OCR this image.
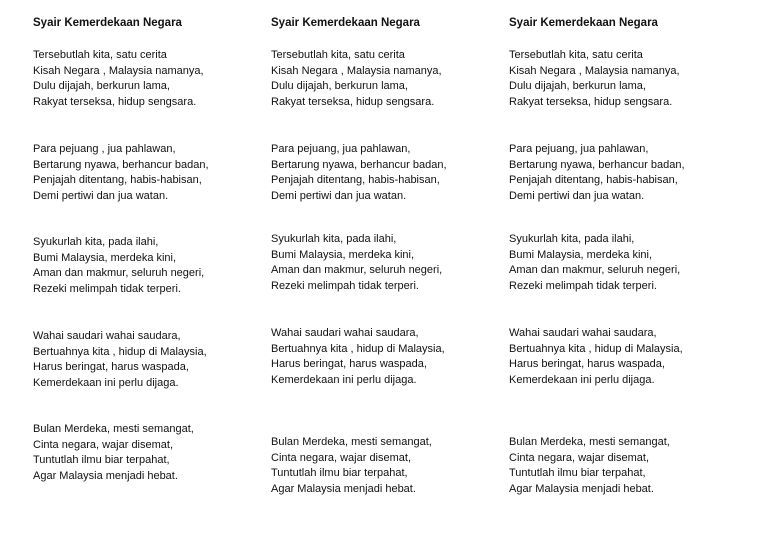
Syair Kemerdekaan Negara
Tersebutlah kita, satu cerita
Kisah Negara , Malaysia namanya,
Dulu dijajah, berkurun lama,
Rakyat terseksa, hidup sengsara.
Para pejuang , jua pahlawan,
Bertarung nyawa, berhancur badan,
Penjajah ditentang, habis-habisan,
Demi pertiwi dan jua watan.
Syukurlah kita, pada ilahi,
Bumi Malaysia, merdeka kini,
Aman dan makmur, seluruh negeri,
Rezeki melimpah tidak terperi.
Wahai saudari wahai saudara,
Bertuahnya kita , hidup di Malaysia,
Harus beringat, harus waspada,
Kemerdekaan ini perlu dijaga.
Bulan Merdeka, mesti semangat,
Cinta negara, wajar disemat,
Tuntutlah ilmu biar terpahat,
Agar Malaysia menjadi hebat.
Syair Kemerdekaan Negara
Tersebutlah kita, satu cerita
Kisah Negara , Malaysia namanya,
Dulu dijajah, berkurun lama,
Rakyat terseksa, hidup sengsara.
Para pejuang, jua pahlawan,
Bertarung nyawa, berhancur badan,
Penjajah ditentang, habis-habisan,
Demi pertiwi dan jua watan.
Syukurlah kita, pada ilahi,
Bumi Malaysia, merdeka kini,
Aman dan makmur, seluruh negeri,
Rezeki melimpah tidak terperi.
Wahai saudari wahai saudara,
Bertuahnya kita , hidup di Malaysia,
Harus beringat, harus waspada,
Kemerdekaan ini perlu dijaga.
Bulan Merdeka, mesti semangat,
Cinta negara, wajar disemat,
Tuntutlah ilmu biar terpahat,
Agar Malaysia menjadi hebat.
Syair Kemerdekaan Negara
Tersebutlah kita, satu cerita
Kisah Negara , Malaysia namanya,
Dulu dijajah, berkurun lama,
Rakyat terseksa, hidup sengsara.
Para pejuang, jua pahlawan,
Bertarung nyawa, berhancur badan,
Penjajah ditentang, habis-habisan,
Demi pertiwi dan jua watan.
Syukurlah kita, pada ilahi,
Bumi Malaysia, merdeka kini,
Aman dan makmur, seluruh negeri,
Rezeki melimpah tidak terperi.
Wahai saudari wahai saudara,
Bertuahnya kita , hidup di Malaysia,
Harus beringat, harus waspada,
Kemerdekaan ini perlu dijaga.
Bulan Merdeka, mesti semangat,
Cinta negara, wajar disemat,
Tuntutlah ilmu biar terpahat,
Agar Malaysia menjadi hebat.
